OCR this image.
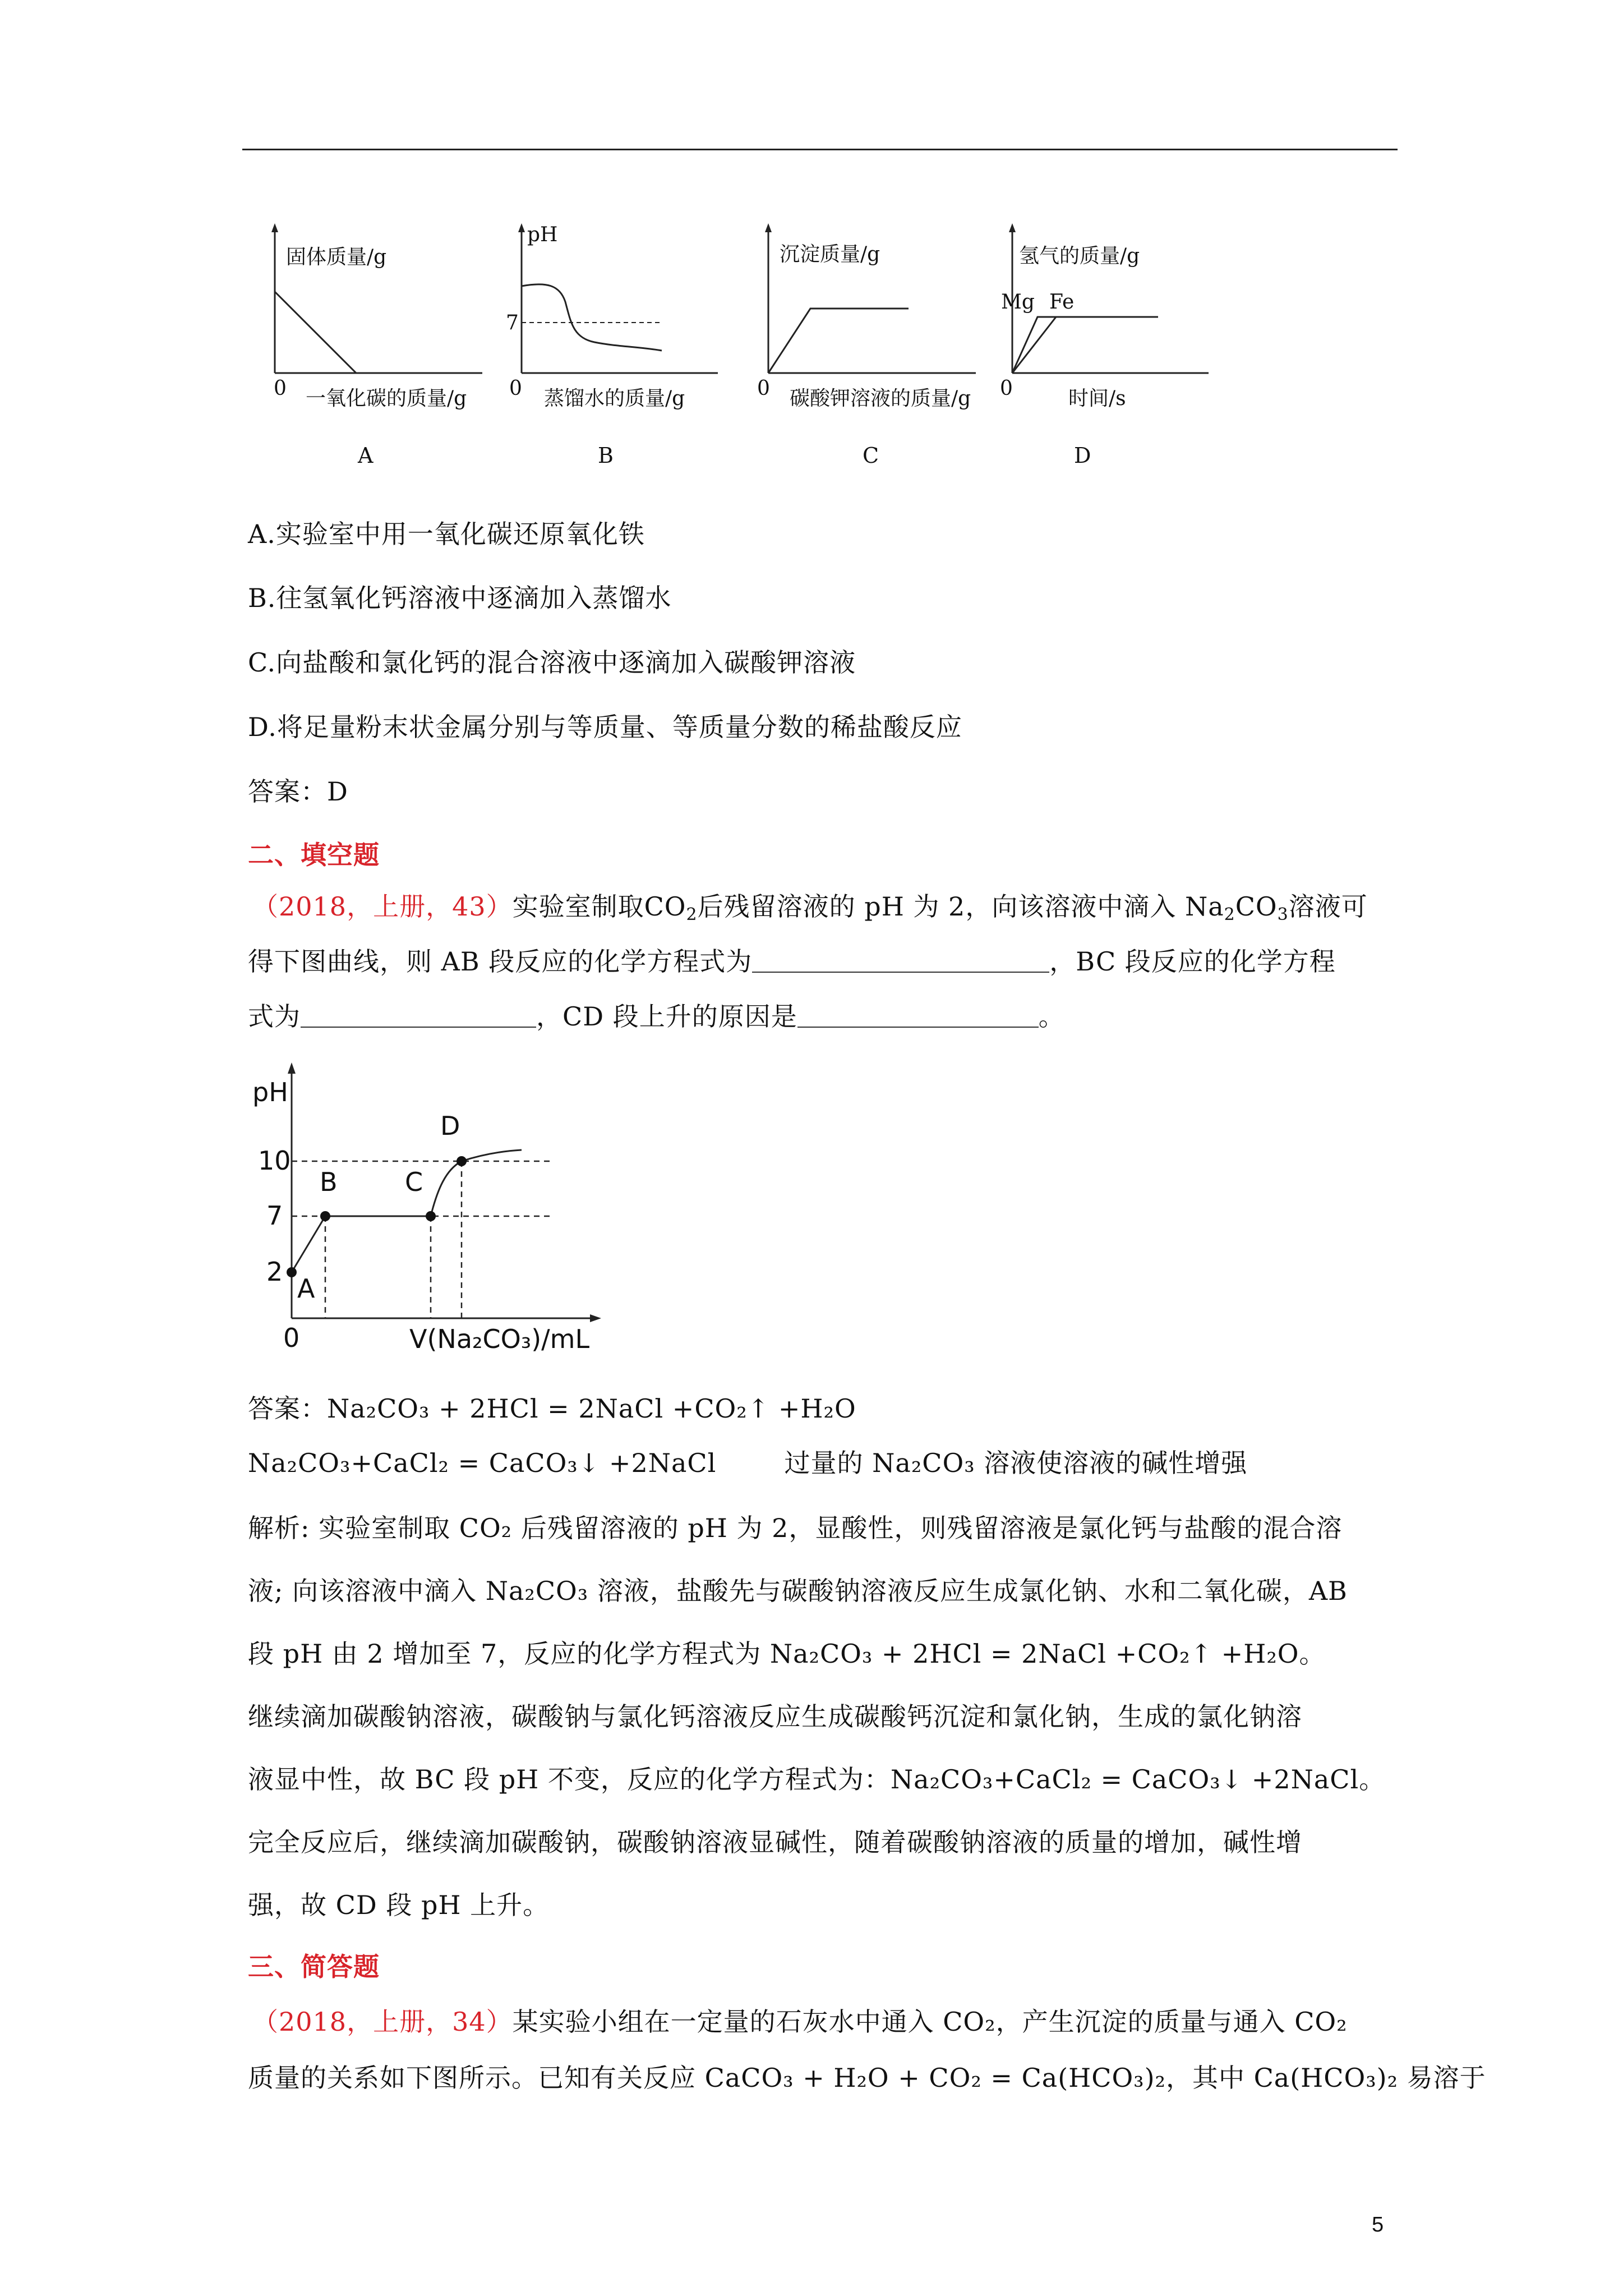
固体质量/g
0 一氧化碳的质量/g
A
pH
7
0 蒸馏水的质量/g
B
沉淀质量/g
0 碳酸钾溶液的质量/g
C
氢气的质量/g
Mg Fe
0	时间/s
D
A.实验室中用一氧化碳还原氧化铁
B.往氢氧化钙溶液中逐滴加入蒸馏水
C.向盐酸和氯化钙的混合溶液中逐滴加入碳酸钾溶液
D.将足量粉末状金属分别与等质量、等质量分数的稀盐酸反应
答案：D
二、填空题
（2018，上册，43）实验室制取$CO_2$后残留溶液的 pH 为 2，向该溶液中滴入 $Na_2CO_3$溶液可
得下图曲线，则 AB 段反应的化学方程式为	，BC 段反应的化学方程
式为	，CD 段上升的原因是	。
pH
10
7
2
A
B	C
D
0	V(Na₂CO₃)/mL
答案：Na₂CO₃ + 2HCl = 2NaCl +CO₂↑ +H₂O
Na₂CO₃+CaCl₂ = CaCO₃↓ +2NaCl	过量的 Na₂CO₃ 溶液使溶液的碱性增强
解析: 实验室制取 CO₂ 后残留溶液的 pH 为 2，显酸性，则残留溶液是氯化钙与盐酸的混合溶
液; 向该溶液中滴入 Na₂CO₃ 溶液，盐酸先与碳酸钠溶液反应生成氯化钠、水和二氧化碳，AB
段 pH 由 2 增加至 7，反应的化学方程式为 Na₂CO₃ + 2HCl = 2NaCl +CO₂↑ +H₂O。
继续滴加碳酸钠溶液，碳酸钠与氯化钙溶液反应生成碳酸钙沉淀和氯化钠，生成的氯化钠溶
液显中性，故 BC 段 pH 不变，反应的化学方程式为：Na₂CO₃+CaCl₂ = CaCO₃↓ +2NaCl。
完全反应后，继续滴加碳酸钠，碳酸钠溶液显碱性，随着碳酸钠溶液的质量的增加，碱性增
强，故 CD 段 pH 上升。
三、简答题
（2018，上册，34）某实验小组在一定量的石灰水中通入 CO₂，产生沉淀的质量与通入 CO₂
质量的关系如下图所示。已知有关反应 CaCO₃ + H₂O + CO₂ = Ca(HCO₃)₂，其中 Ca(HCO₃)₂ 易溶于
5
